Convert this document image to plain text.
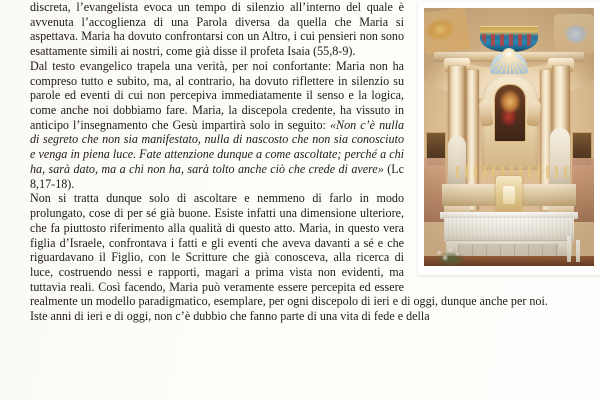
discreta, l’evangelista evoca un tempo di silenzio all’interno del quale è avvenuta l’accoglienza di una Parola diversa da quella che Maria si aspettava. Maria ha dovuto confrontarsi con un Altro, i cui pensieri non sono esattamente simili ai nostri, come già disse il profeta Isaia (55,8-9).

Dal testo evangelico trapela una verità, per noi confortante: Maria non ha compreso tutto e subito, ma, al contrario, ha dovuto riflettere in silenzio su parole ed eventi di cui non percepiva immediatamente il senso e la logica, come anche noi dobbiamo fare. Maria, la discepola credente, ha vissuto in anticipo l’insegnamento che Gesù impartirà solo in seguito: «Non c’è nulla di segreto che non sia manifestato, nulla di nascosto che non sia conosciuto e venga in piena luce. Fate attenzione dunque a come ascoltate; perché a chi ha, sarà dato, ma a chi non ha, sarà tolto anche ciò che crede di avere» (Lc 8,17-18).

Non si tratta dunque solo di ascoltare e nemmeno di farlo in modo prolungato, cose di per sé già buone. Esiste infatti una dimensione ulteriore, che fa piuttosto riferimento alla qualità di questo atto. Maria, in questo vera figlia d’Israele, confrontava i fatti e gli eventi che aveva davanti a sé e che riguardavano il Figlio, con le Scritture che già conosceva, alla ricerca di luce, costruendo nessi e rapporti, magari a prima vista non evidenti, ma tuttavia reali. Così facendo, Maria può veramente essere percepita ed essere realmente un modello paradigmatico, esemplare, per ogni discepolo di ieri e di oggi, dunque anche per noi.

Iste anni di ieri e di oggi, non c’è dubbio che fanno parte di una vita di fede e della
